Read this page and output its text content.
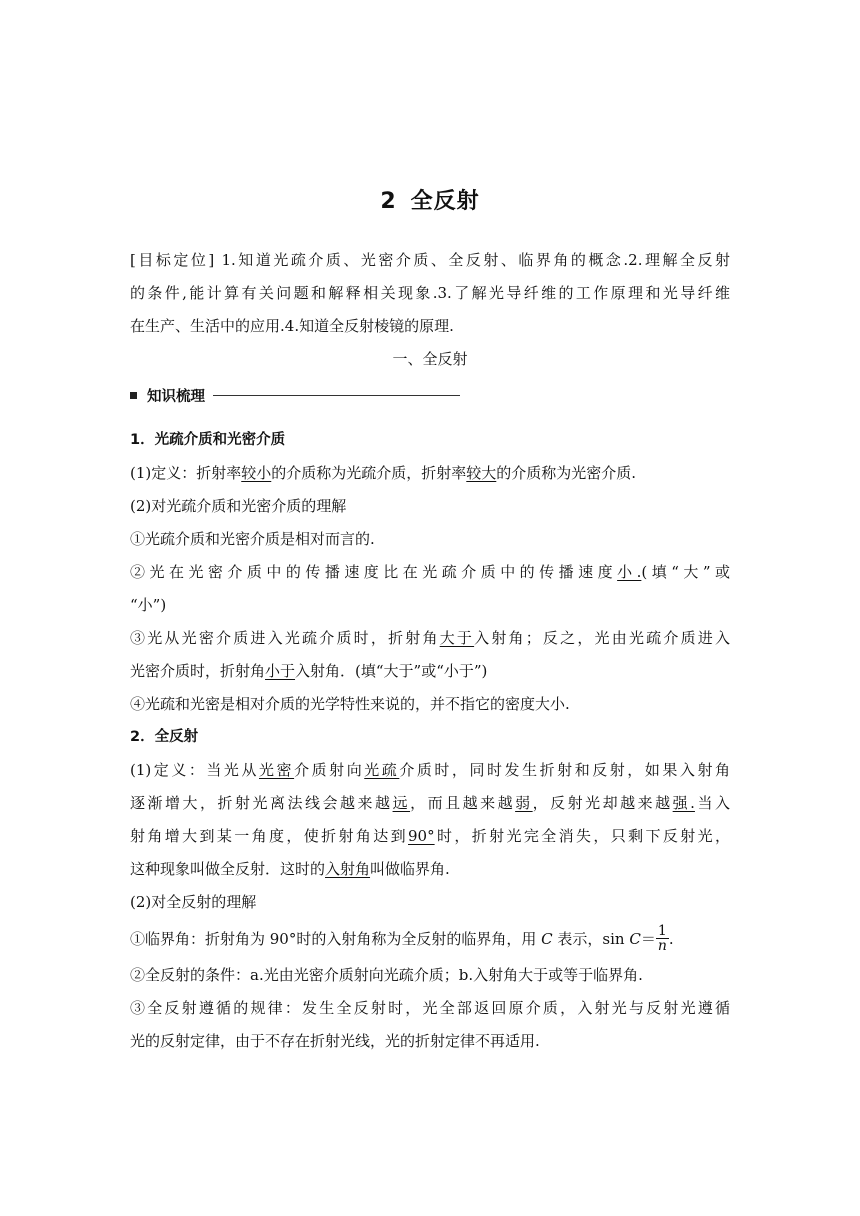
2 全反射
[目标定位] 1.知道光疏介质、光密介质、全反射、临界角的概念.2.理解全反射
的条件,能计算有关问题和解释相关现象.3.了解光导纤维的工作原理和光导纤维
在生产、生活中的应用.4.知道全反射棱镜的原理.
一、全反射
知识梳理
1．光疏介质和光密介质
(1)定义：折射率较小的介质称为光疏介质，折射率较大的介质称为光密介质.
(2)对光疏介质和光密介质的理解
①光疏介质和光密介质是相对而言的.
②光在光密介质中的传播速度比在光疏介质中的传播速度小.(填“大”或
“小”)
③光从光密介质进入光疏介质时，折射角大于入射角；反之，光由光疏介质进入
光密介质时，折射角小于入射角．(填“大于”或“小于”)
④光疏和光密是相对介质的光学特性来说的，并不指它的密度大小.
2．全反射
(1)定义：当光从光密介质射向光疏介质时，同时发生折射和反射，如果入射角
逐渐增大，折射光离法线会越来越远，而且越来越弱，反射光却越来越强.当入
射角增大到某一角度，使折射角达到90°时，折射光完全消失，只剩下反射光，
这种现象叫做全反射．这时的入射角叫做临界角.
(2)对全反射的理解
①临界角：折射角为 90°时的入射角称为全反射的临界角，用 C 表示，$\sin C= \frac{1}{n}$ .
②全反射的条件：a.光由光密介质射向光疏介质；b.入射角大于或等于临界角.
③全反射遵循的规律：发生全反射时，光全部返回原介质，入射光与反射光遵循
光的反射定律，由于不存在折射光线，光的折射定律不再适用.
